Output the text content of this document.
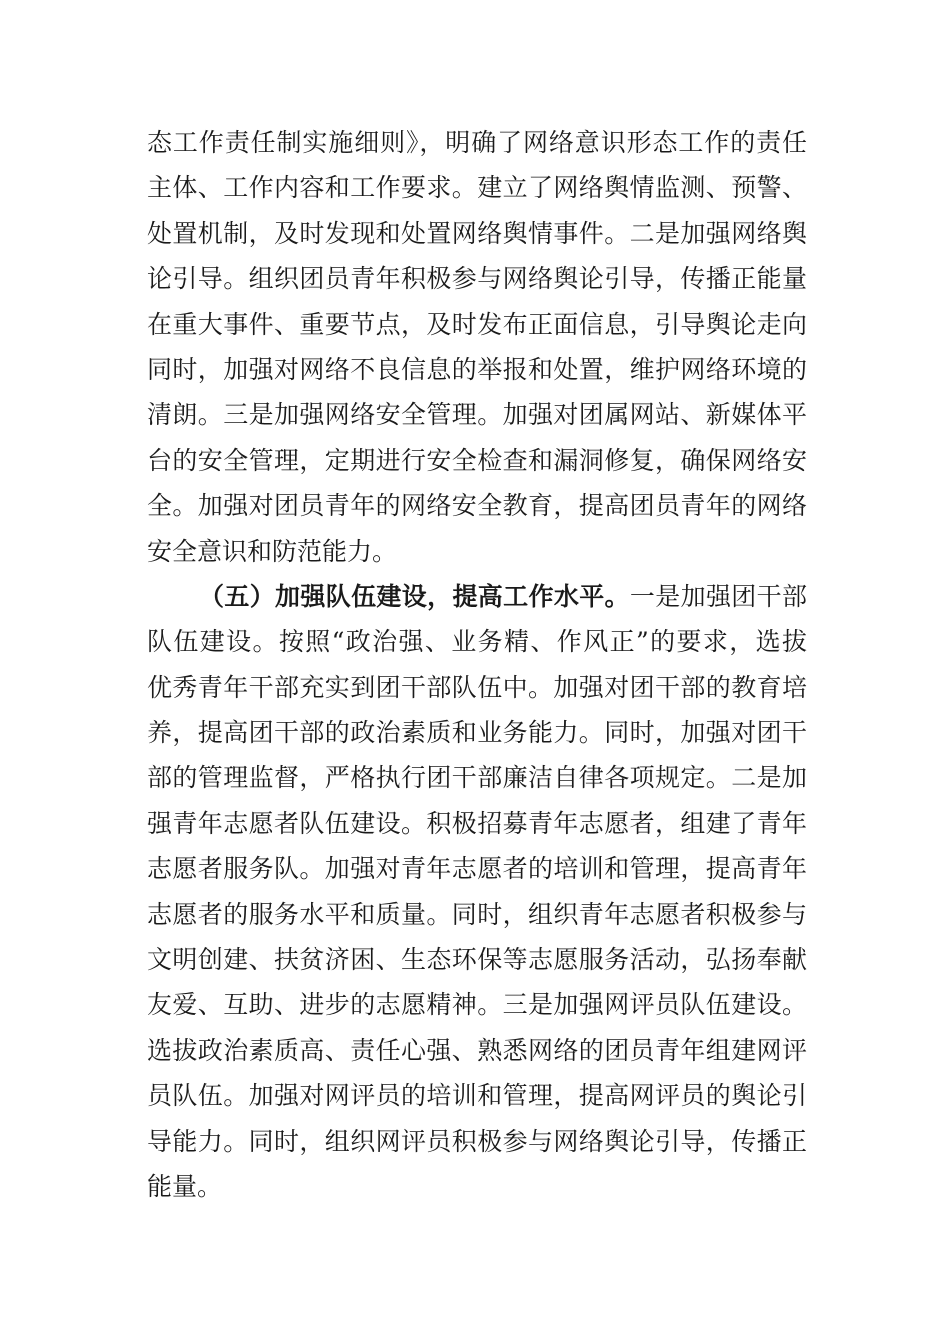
态工作责任制实施细则》，明确了网络意识形态工作的责任
主体、工作内容和工作要求。建立了网络舆情监测、预警、
处置机制，及时发现和处置网络舆情事件。二是加强网络舆
论引导。组织团员青年积极参与网络舆论引导，传播正能量
在重大事件、重要节点，及时发布正面信息，引导舆论走向
同时，加强对网络不良信息的举报和处置，维护网络环境的
清朗。三是加强网络安全管理。加强对团属网站、新媒体平
台的安全管理，定期进行安全检查和漏洞修复，确保网络安
全。加强对团员青年的网络安全教育，提高团员青年的网络
安全意识和防范能力。
（五）加强队伍建设，提高工作水平。一是加强团干部
队伍建设。按照“政治强、业务精、作风正”的要求，选拔
优秀青年干部充实到团干部队伍中。加强对团干部的教育培
养，提高团干部的政治素质和业务能力。同时，加强对团干
部的管理监督，严格执行团干部廉洁自律各项规定。二是加
强青年志愿者队伍建设。积极招募青年志愿者，组建了青年
志愿者服务队。加强对青年志愿者的培训和管理，提高青年
志愿者的服务水平和质量。同时，组织青年志愿者积极参与
文明创建、扶贫济困、生态环保等志愿服务活动，弘扬奉献
友爱、互助、进步的志愿精神。三是加强网评员队伍建设。
选拔政治素质高、责任心强、熟悉网络的团员青年组建网评
员队伍。加强对网评员的培训和管理，提高网评员的舆论引
导能力。同时，组织网评员积极参与网络舆论引导，传播正
能量。
